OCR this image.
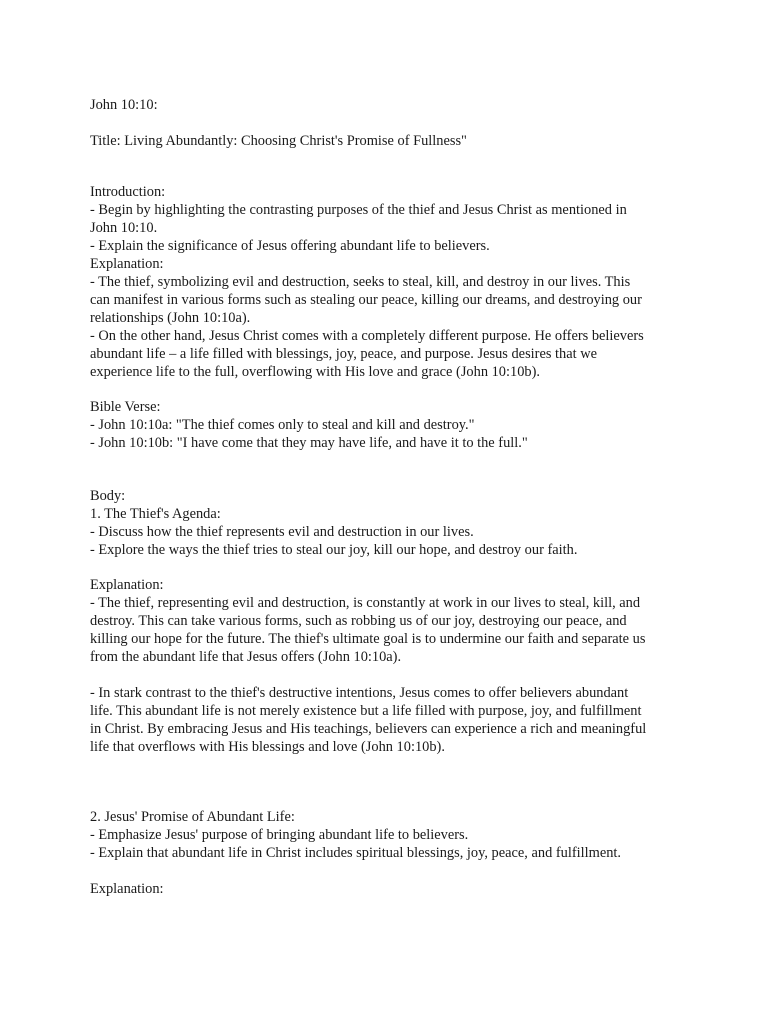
John 10:10:

Title: Living Abundantly: Choosing Christ's Promise of Fullness"

Introduction:

- Begin by highlighting the contrasting purposes of the thief and Jesus Christ as mentioned in

John 10:10.

- Explain the significance of Jesus offering abundant life to believers.

Explanation:

- The thief, symbolizing evil and destruction, seeks to steal, kill, and destroy in our lives. This

can manifest in various forms such as stealing our peace, killing our dreams, and destroying our

relationships (John 10:10a).

- On the other hand, Jesus Christ comes with a completely different purpose. He offers believers

abundant life – a life filled with blessings, joy, peace, and purpose. Jesus desires that we

experience life to the full, overflowing with His love and grace (John 10:10b).

Bible Verse:

- John 10:10a: "The thief comes only to steal and kill and destroy."

- John 10:10b: "I have come that they may have life, and have it to the full."

Body:

1. The Thief's Agenda:

- Discuss how the thief represents evil and destruction in our lives.

- Explore the ways the thief tries to steal our joy, kill our hope, and destroy our faith.

Explanation:

- The thief, representing evil and destruction, is constantly at work in our lives to steal, kill, and

destroy. This can take various forms, such as robbing us of our joy, destroying our peace, and

killing our hope for the future. The thief's ultimate goal is to undermine our faith and separate us

from the abundant life that Jesus offers (John 10:10a).

- In stark contrast to the thief's destructive intentions, Jesus comes to offer believers abundant

life. This abundant life is not merely existence but a life filled with purpose, joy, and fulfillment

in Christ. By embracing Jesus and His teachings, believers can experience a rich and meaningful

life that overflows with His blessings and love (John 10:10b).

2. Jesus' Promise of Abundant Life:

- Emphasize Jesus' purpose of bringing abundant life to believers.

- Explain that abundant life in Christ includes spiritual blessings, joy, peace, and fulfillment.

Explanation:
